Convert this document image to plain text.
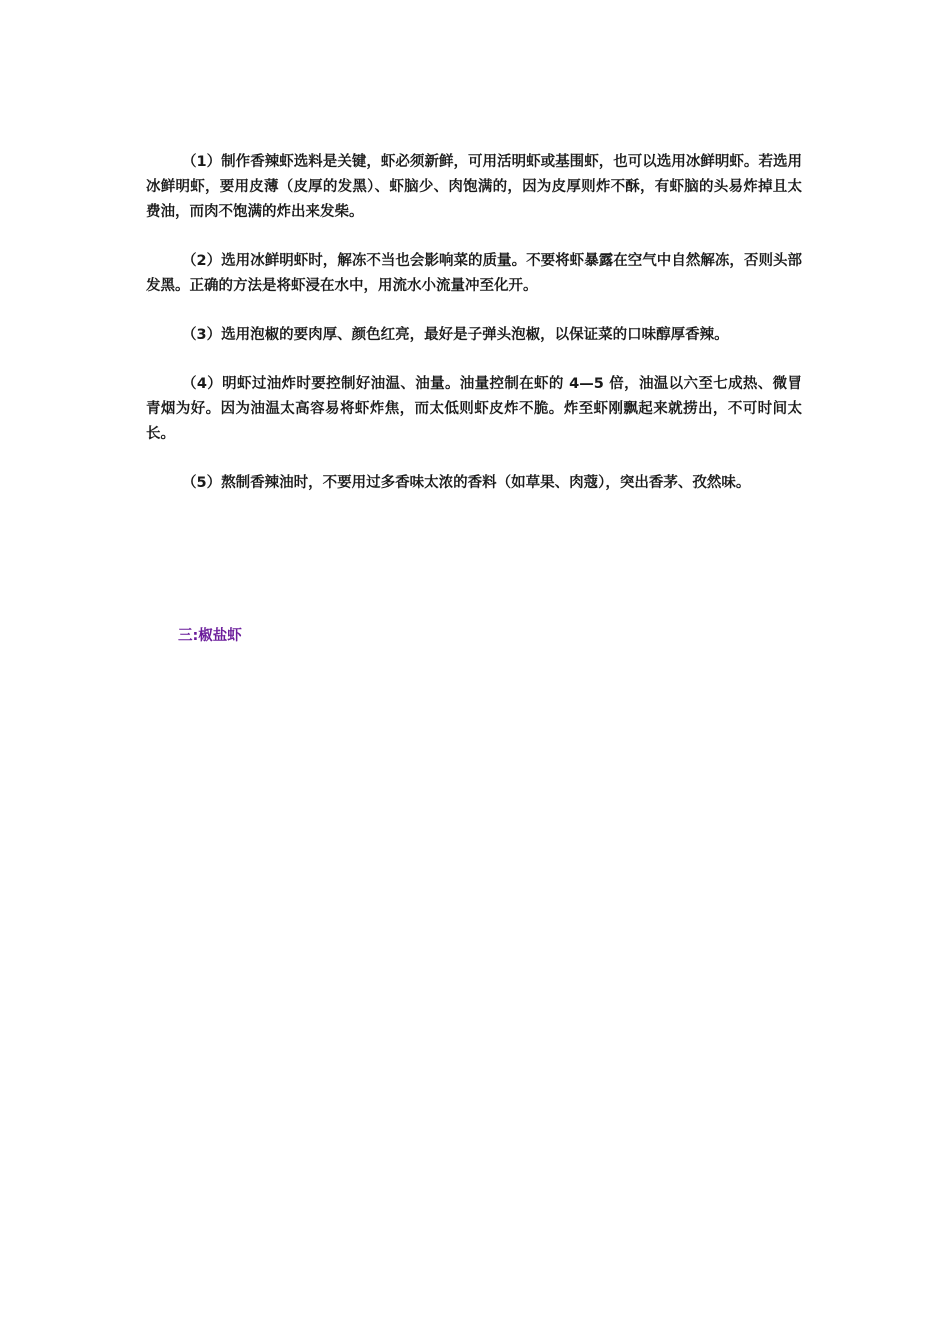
（1）制作香辣虾选料是关键，虾必须新鲜，可用活明虾或基围虾，也可以选用冰鲜明虾。若选用冰鲜明虾，要用皮薄（皮厚的发黑）、虾脑少、肉饱满的，因为皮厚则炸不酥，有虾脑的头易炸掉且太费油，而肉不饱满的炸出来发柴。

（2）选用冰鲜明虾时，解冻不当也会影响菜的质量。不要将虾暴露在空气中自然解冻，否则头部发黑。正确的方法是将虾浸在水中，用流水小流量冲至化开。

（3）选用泡椒的要肉厚、颜色红亮，最好是子弹头泡椒，以保证菜的口味醇厚香辣。

（4）明虾过油炸时要控制好油温、油量。油量控制在虾的 4—5 倍，油温以六至七成热、微冒青烟为好。因为油温太高容易将虾炸焦，而太低则虾皮炸不脆。炸至虾刚飘起来就捞出，不可时间太长。

（5）熬制香辣油时，不要用过多香味太浓的香料（如草果、肉蔻），突出香茅、孜然味。

三:椒盐虾
